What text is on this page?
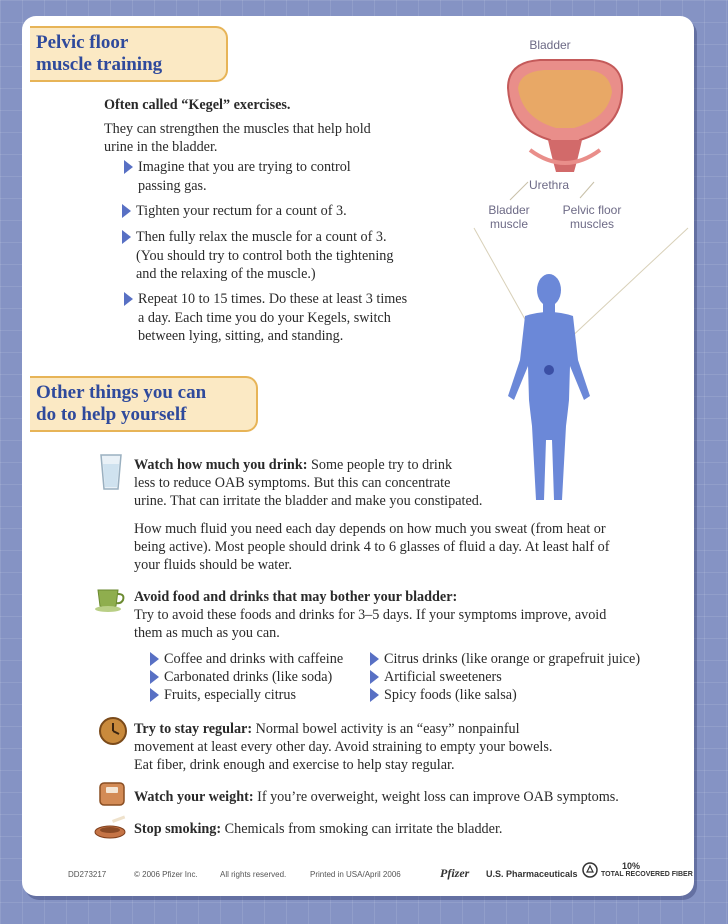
Pelvic floor
muscle training
Often called “Kegel” exercises.
They can strengthen the muscles that help hold
urine in the bladder.
Imagine that you are trying to control
passing gas.
Tighten your rectum for a count of 3.
Then fully relax the muscle for a count of 3.
(You should try to control both the tightening
and the relaxing of the muscle.)
Repeat 10 to 15 times. Do these at least 3 times
a day. Each time you do your Kegels, switch
between lying, sitting, and standing.
Bladder
Urethra
Bladder
muscle
Pelvic floor
muscles
Other things you can
do to help yourself
Watch how much you drink: Some people try to drink
less to reduce OAB symptoms. But this can concentrate
urine. That can irritate the bladder and make you constipated.
How much fluid you need each day depends on how much you sweat (from heat or
being active). Most people should drink 4 to 6 glasses of fluid a day. At least half of
your fluids should be water.
Avoid food and drinks that may bother your bladder:
Try to avoid these foods and drinks for 3–5 days. If your symptoms improve, avoid
them as much as you can.
Coffee and drinks with caffeine
Carbonated drinks (like soda)
Fruits, especially citrus
Citrus drinks (like orange or grapefruit juice)
Artificial sweeteners
Spicy foods (like salsa)
Try to stay regular: Normal bowel activity is an “easy” nonpainful
movement at least every other day. Avoid straining to empty your bowels.
Eat fiber, drink enough and exercise to help stay regular.
Watch your weight: If you’re overweight, weight loss can improve OAB symptoms.
Stop smoking: Chemicals from smoking can irritate the bladder.
DD273217	© 2006 Pfizer Inc.	All rights reserved.	Printed in USA/April 2006	Pfizer U.S. Pharmaceuticals
10%
TOTAL RECOVERED FIBER
